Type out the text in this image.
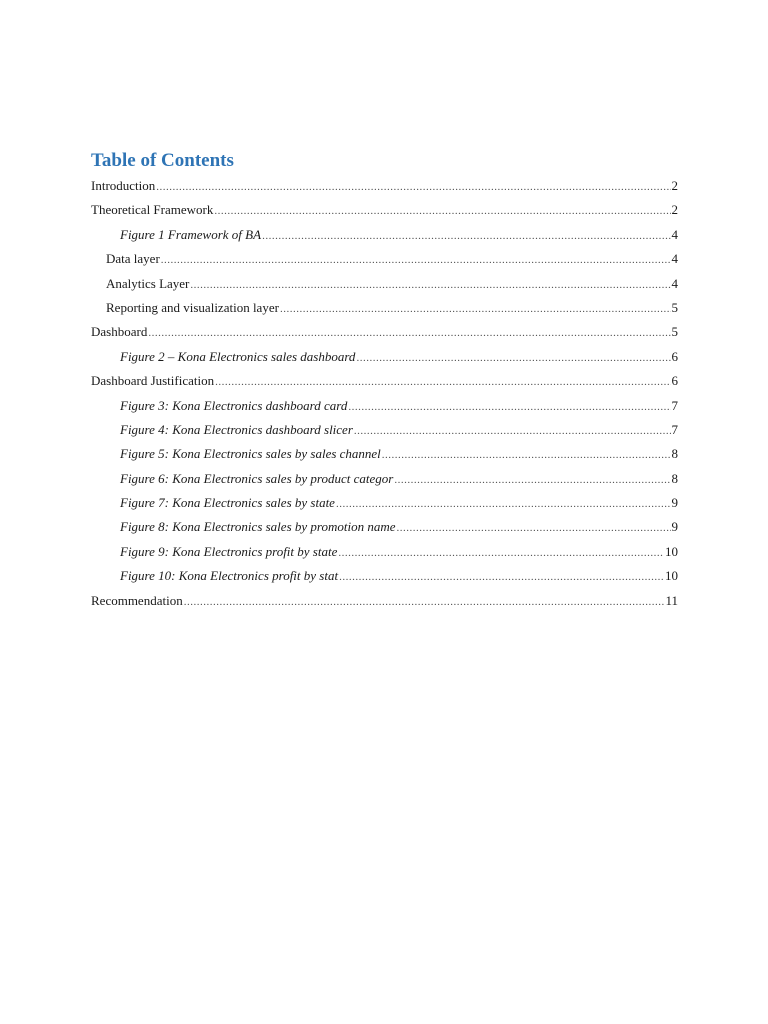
Table of Contents
Introduction .....	2
Theoretical Framework .....	2
Figure 1 Framework of BA .....	4
Data layer .....	4
Analytics Layer .....	4
Reporting and visualization layer .....	5
Dashboard .....	5
Figure 2 – Kona Electronics sales dashboard .....	6
Dashboard Justification .....	6
Figure 3: Kona Electronics dashboard card .....	7
Figure 4: Kona Electronics dashboard slicer .....	7
Figure 5: Kona Electronics sales by sales channel .....	8
Figure 6: Kona Electronics sales by product categor .....	8
Figure 7: Kona Electronics sales by state .....	9
Figure 8: Kona Electronics sales by promotion name .....	9
Figure 9: Kona Electronics profit by state .....	10
Figure 10: Kona Electronics profit by stat .....	10
Recommendation .....	11
